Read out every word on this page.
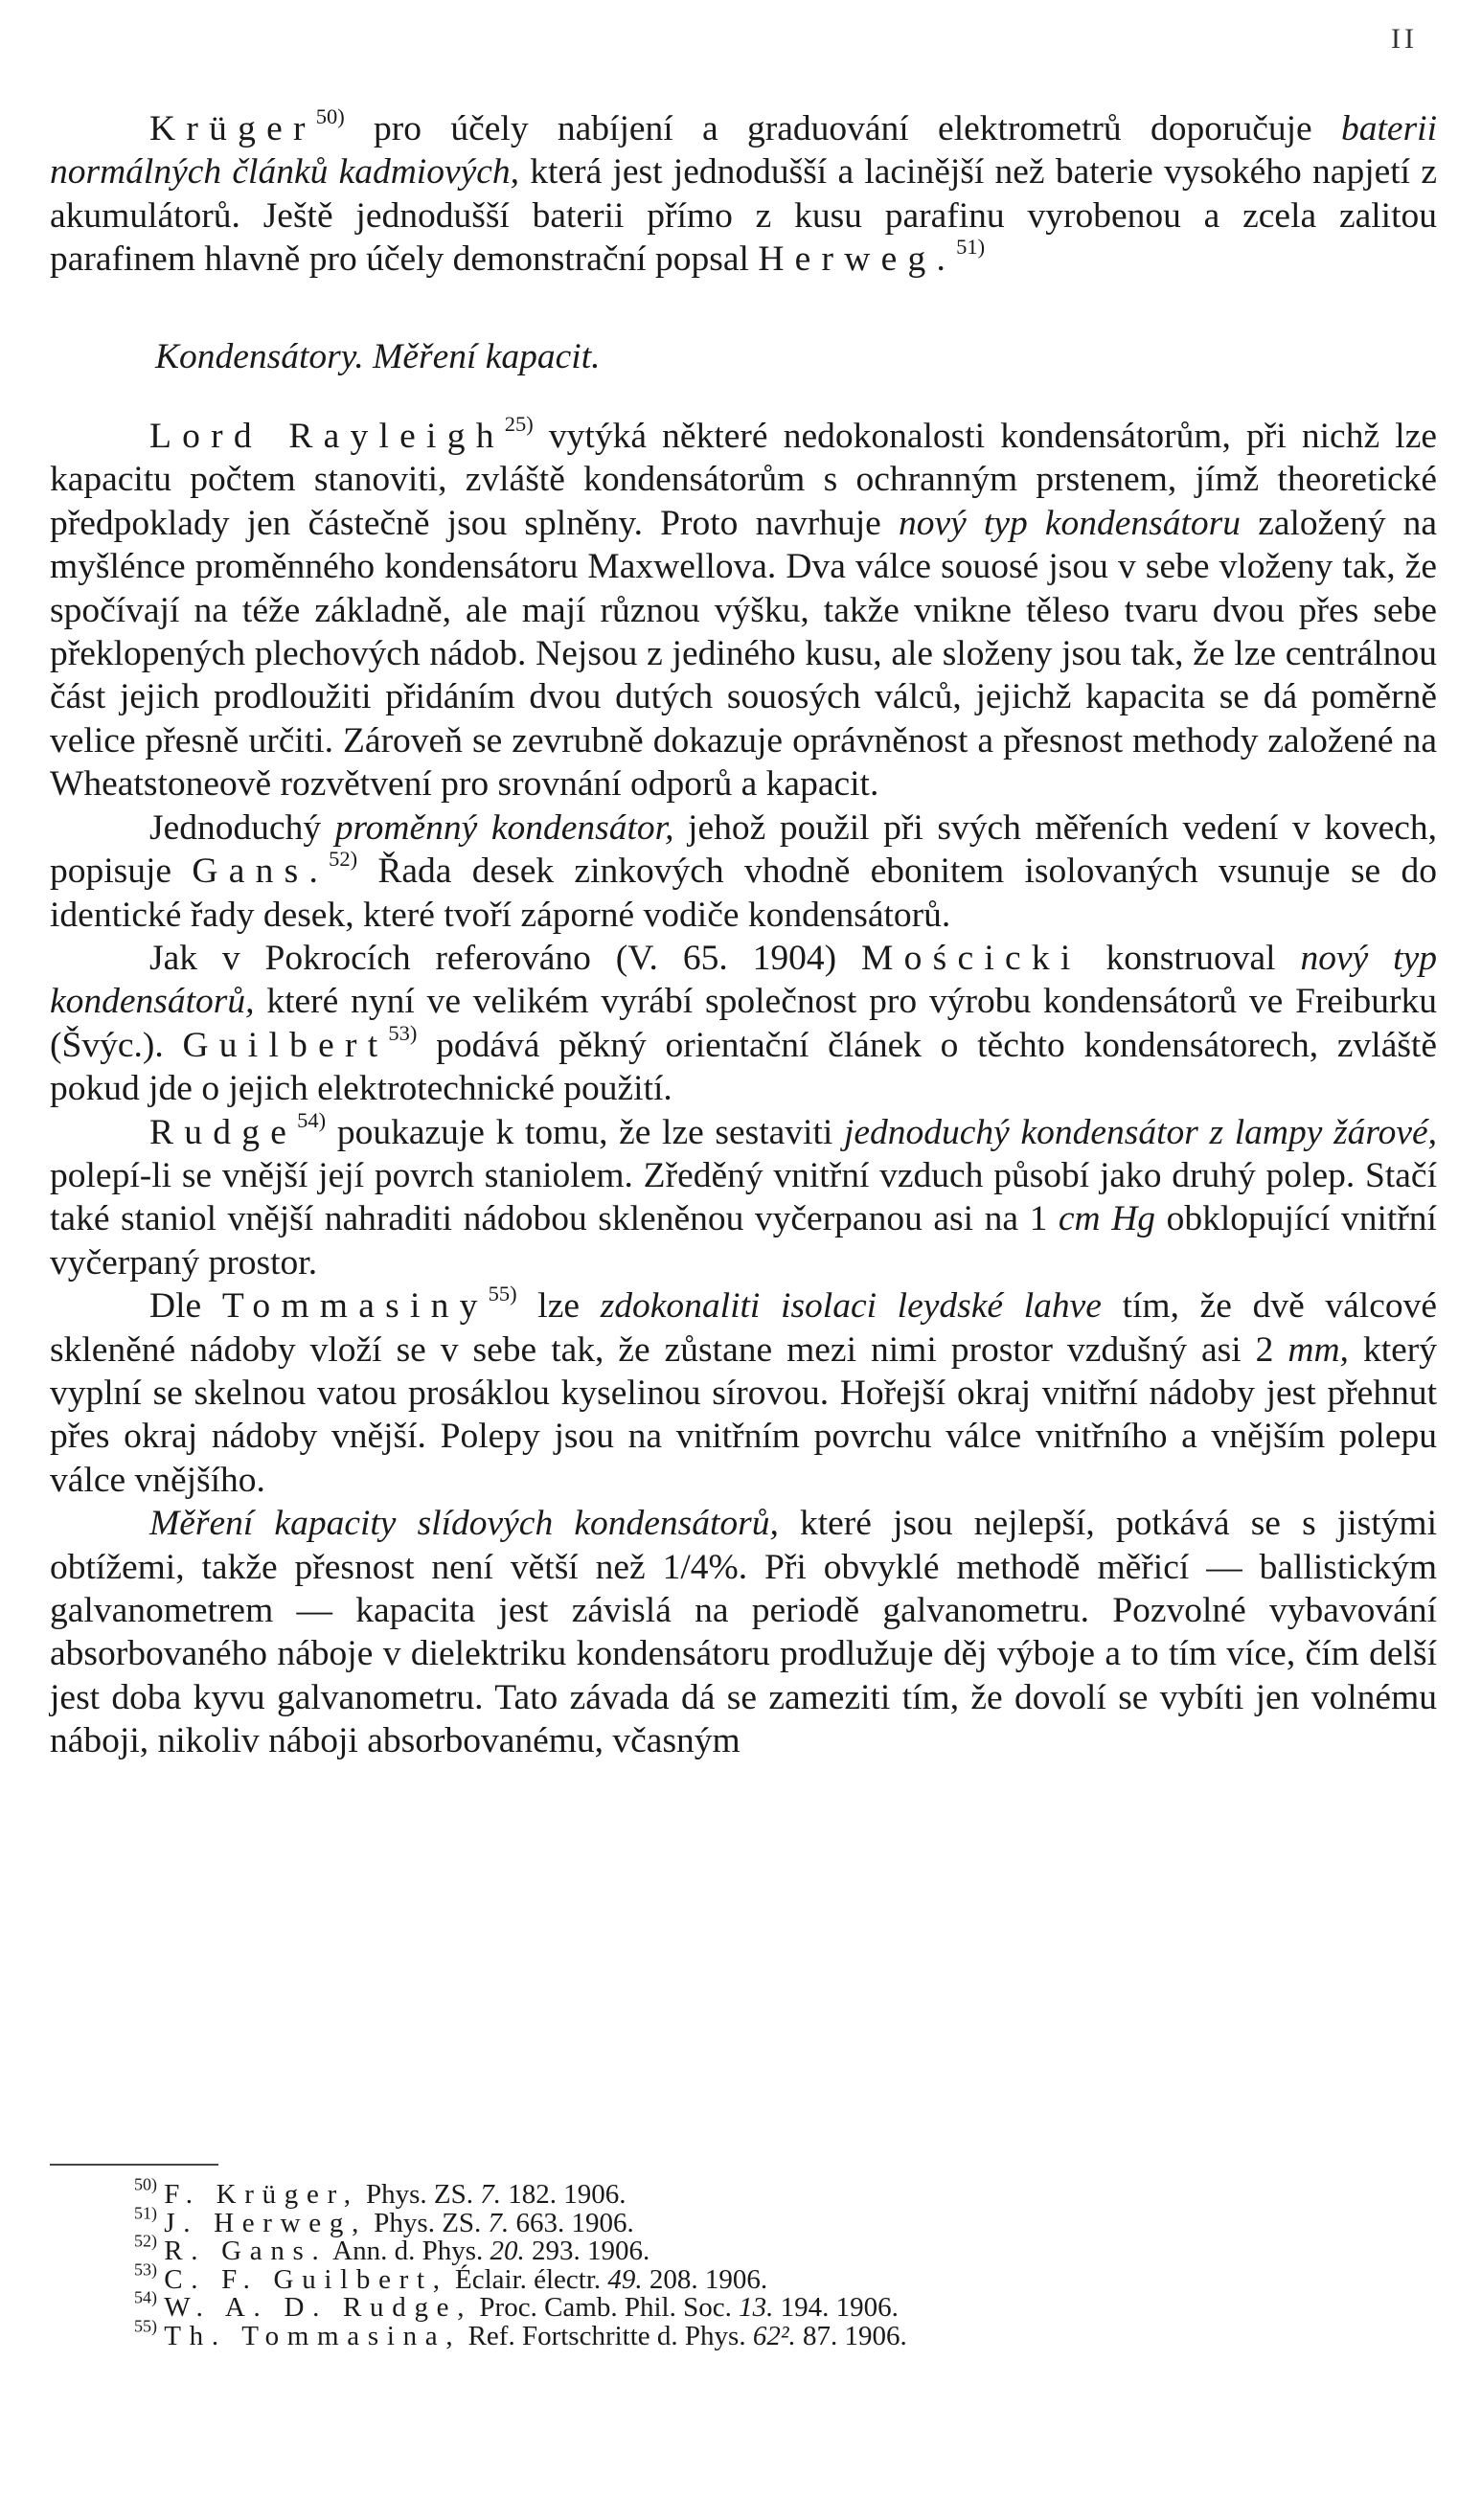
II

Krüger$^{50)}$ pro účely nabíjení a graduování elektrometrů doporučuje baterii normálných článků kadmiových, která jest jednodušší a lacinější než baterie vysokého napjetí z akumulátorů. Ještě jednodušší baterii přímo z kusu parafinu vyrobenou a zcela zalitou parafinem hlavně pro účely demonstrační popsal Herweg.$^{51)}$

Kondensátory. Měření kapacit.

Lord Rayleigh$^{25)}$ vytýká některé nedokonalosti kondensátorům, při nichž lze kapacitu počtem stanoviti, zvláště kondensátorům s ochranným prstenem, jímž theoretické předpoklady jen částečně jsou splněny. Proto navrhuje nový typ kondensátoru založený na myšlénce proměnného kondensátoru Maxwellova. Dva válce souosé jsou v sebe vloženy tak, že spočívají na téže základně, ale mají různou výšku, takže vnikne těleso tvaru dvou přes sebe překlopených plechových nádob. Nejsou z jediného kusu, ale složeny jsou tak, že lze centrálnou část jejich prodloužiti přidáním dvou dutých souosých válců, jejichž kapacita se dá poměrně velice přesně určiti. Zároveň se zevrubně dokazuje oprávněnost a přesnost methody založené na Wheatstoneově rozvětvení pro srovnání odporů a kapacit.

Jednoduchý proměnný kondensátor, jehož použil při svých měřeních vedení v kovech, popisuje Gans.$^{52)}$ Řada desek zinkových vhodně ebonitem isolovaných vsunuje se do identické řady desek, které tvoří záporné vodiče kondensátorů.

Jak v Pokrocích referováno (V. 65. 1904) Mościcki konstruoval nový typ kondensátorů, které nyní ve velikém vyrábí společnost pro výrobu kondensátorů ve Freiburku (Švýc.). Guilbert$^{53)}$ podává pěkný orientační článek o těchto kondensátorech, zvláště pokud jde o jejich elektrotechnické použití.

Rudge$^{54)}$ poukazuje k tomu, že lze sestaviti jednoduchý kondensátor z lampy žárové, polepí-li se vnější její povrch staniolem. Zředěný vnitřní vzduch působí jako druhý polep. Stačí také staniol vnější nahraditi nádobou skleněnou vyčerpanou asi na 1 cm Hg obklopující vnitřní vyčerpaný prostor.

Dle Tommasiny$^{55)}$ lze zdokonaliti isolaci leydské lahve tím, že dvě válcové skleněné nádoby vloží se v sebe tak, že zůstane mezi nimi prostor vzdušný asi 2 mm, který vyplní se skelnou vatou prosáklou kyselinou sírovou. Hořejší okraj vnitřní nádoby jest přehnut přes okraj nádoby vnější. Polepy jsou na vnitřním povrchu válce vnitřního a vnějším polepu válce vnějšího.

Měření kapacity slídových kondensátorů, které jsou nejlepší, potkává se s jistými obtížemi, takže přesnost není větší než 1/4%. Při obvyklé methodě měřicí — ballistickým galvanometrem — kapacita jest závislá na periodě galvanometru. Pozvolné vybavování absorbovaného náboje v dielektriku kondensátoru prodlužuje děj výboje a to tím více, čím delší jest doba kyvu galvanometru. Tato závada dá se zameziti tím, že dovolí se vybíti jen volnému náboji, nikoliv náboji absorbovanému, včasným

$^{50)}$ F. Krüger, Phys. ZS. 7. 182. 1906.
$^{51)}$ J. Herweg, Phys. ZS. 7. 663. 1906.
$^{52)}$ R. Gans. Ann. d. Phys. 20. 293. 1906.
$^{53)}$ C. F. Guilbert, Éclair. électr. 49. 208. 1906.
$^{54)}$ W. A. D. Rudge, Proc. Camb. Phil. Soc. 13. 194. 1906.
$^{55)}$ Th. Tommasina, Ref. Fortschritte d. Phys. 62². 87. 1906.
